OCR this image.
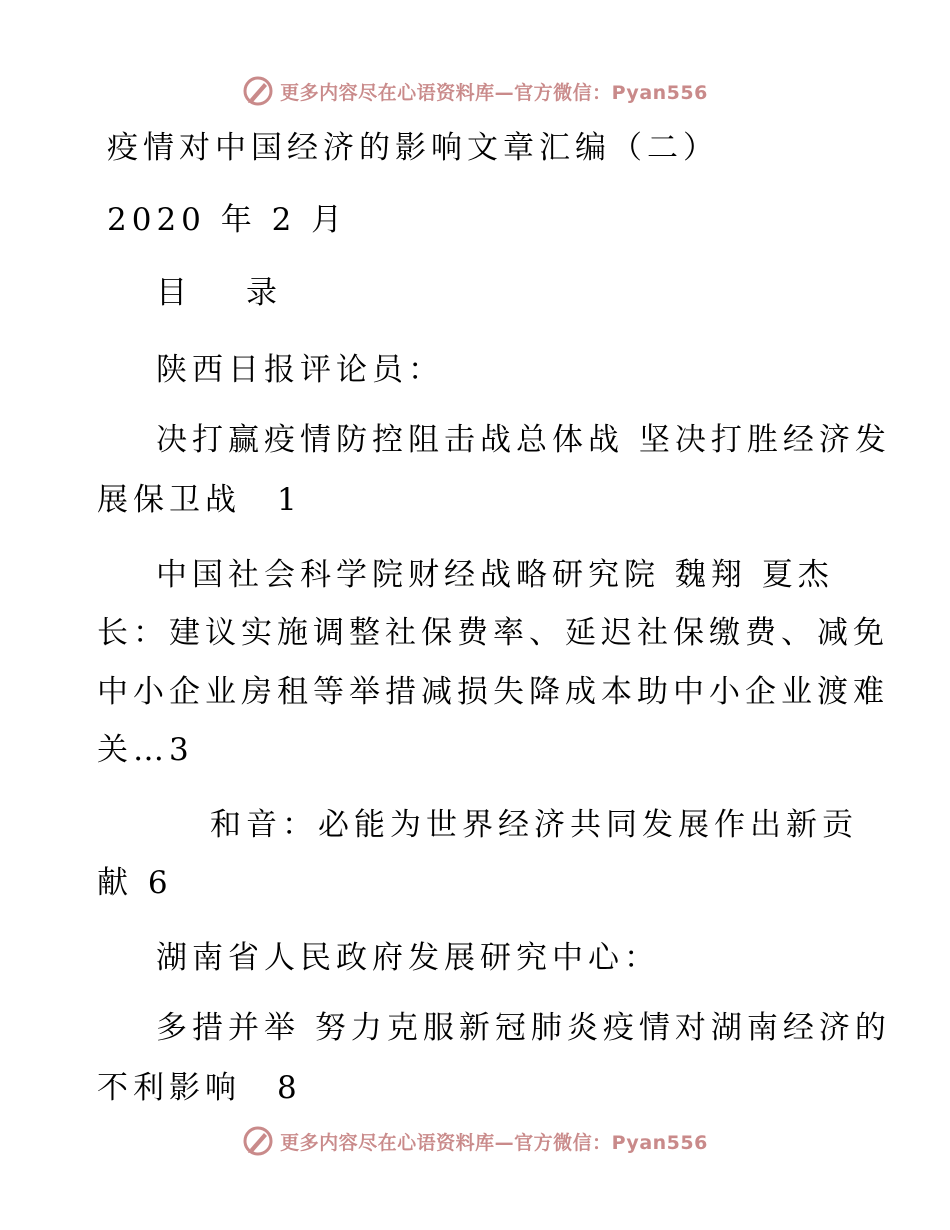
更多内容尽在心语资料库—官方微信：Pyan556
疫情对中国经济的影响文章汇编（二）
2020 年 2 月
目　录
陕西日报评论员：
决打赢疫情防控阻击战总体战 坚决打胜经济发
展保卫战　1
中国社会科学院财经战略研究院 魏翔 夏杰
长：建议实施调整社保费率、延迟社保缴费、减免
中小企业房租等举措减损失降成本助中小企业渡难
关…3
和音：必能为世界经济共同发展作出新贡
献 6
湖南省人民政府发展研究中心：
多措并举 努力克服新冠肺炎疫情对湖南经济的
不利影响　8
更多内容尽在心语资料库—官方微信：Pyan556
